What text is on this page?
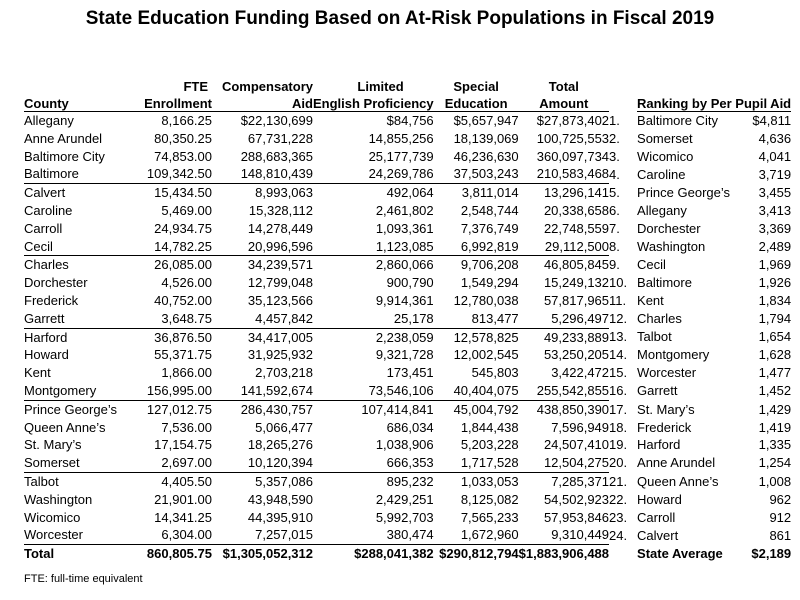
State Education Funding Based on At-Risk Populations in Fiscal 2019
	FTE	Compensatory	Limited	Special	Total			
County	Enrollment	Aid	English Proficiency	Education	Amount		Ranking by Per Pupil Aid	
Allegany	8,166.25	$22,130,699	$84,756	$5,657,947	$27,873,402	1.	Baltimore City	$4,811
Anne Arundel	80,350.25	67,731,228	14,855,256	18,139,069	100,725,553	2.	Somerset	4,636
Baltimore City	74,853.00	288,683,365	25,177,739	46,236,630	360,097,734	3.	Wicomico	4,041
Baltimore	109,342.50	148,810,439	24,269,786	37,503,243	210,583,468	4.	Caroline	3,719
Calvert	15,434.50	8,993,063	492,064	3,811,014	13,296,141	5.	Prince George’s	3,455
Caroline	5,469.00	15,328,112	2,461,802	2,548,744	20,338,658	6.	Allegany	3,413
Carroll	24,934.75	14,278,449	1,093,361	7,376,749	22,748,559	7.	Dorchester	3,369
Cecil	14,782.25	20,996,596	1,123,085	6,992,819	29,112,500	8.	Washington	2,489
Charles	26,085.00	34,239,571	2,860,066	9,706,208	46,805,845	9.	Cecil	1,969
Dorchester	4,526.00	12,799,048	900,790	1,549,294	15,249,132	10.	Baltimore	1,926
Frederick	40,752.00	35,123,566	9,914,361	12,780,038	57,817,965	11.	Kent	1,834
Garrett	3,648.75	4,457,842	25,178	813,477	5,296,497	12.	Charles	1,794
Harford	36,876.50	34,417,005	2,238,059	12,578,825	49,233,889	13.	Talbot	1,654
Howard	55,371.75	31,925,932	9,321,728	12,002,545	53,250,205	14.	Montgomery	1,628
Kent	1,866.00	2,703,218	173,451	545,803	3,422,472	15.	Worcester	1,477
Montgomery	156,995.00	141,592,674	73,546,106	40,404,075	255,542,855	16.	Garrett	1,452
Prince George’s	127,012.75	286,430,757	107,414,841	45,004,792	438,850,390	17.	St. Mary’s	1,429
Queen Anne’s	7,536.00	5,066,477	686,034	1,844,438	7,596,949	18.	Frederick	1,419
St. Mary’s	17,154.75	18,265,276	1,038,906	5,203,228	24,507,410	19.	Harford	1,335
Somerset	2,697.00	10,120,394	666,353	1,717,528	12,504,275	20.	Anne Arundel	1,254
Talbot	4,405.50	5,357,086	895,232	1,033,053	7,285,371	21.	Queen Anne’s	1,008
Washington	21,901.00	43,948,590	2,429,251	8,125,082	54,502,923	22.	Howard	962
Wicomico	14,341.25	44,395,910	5,992,703	7,565,233	57,953,846	23.	Carroll	912
Worcester	6,304.00	7,257,015	380,474	1,672,960	9,310,449	24.	Calvert	861
Total	860,805.75	$1,305,052,312	$288,041,382	$290,812,794	$1,883,906,488		State Average	$2,189
FTE: full-time equivalent
